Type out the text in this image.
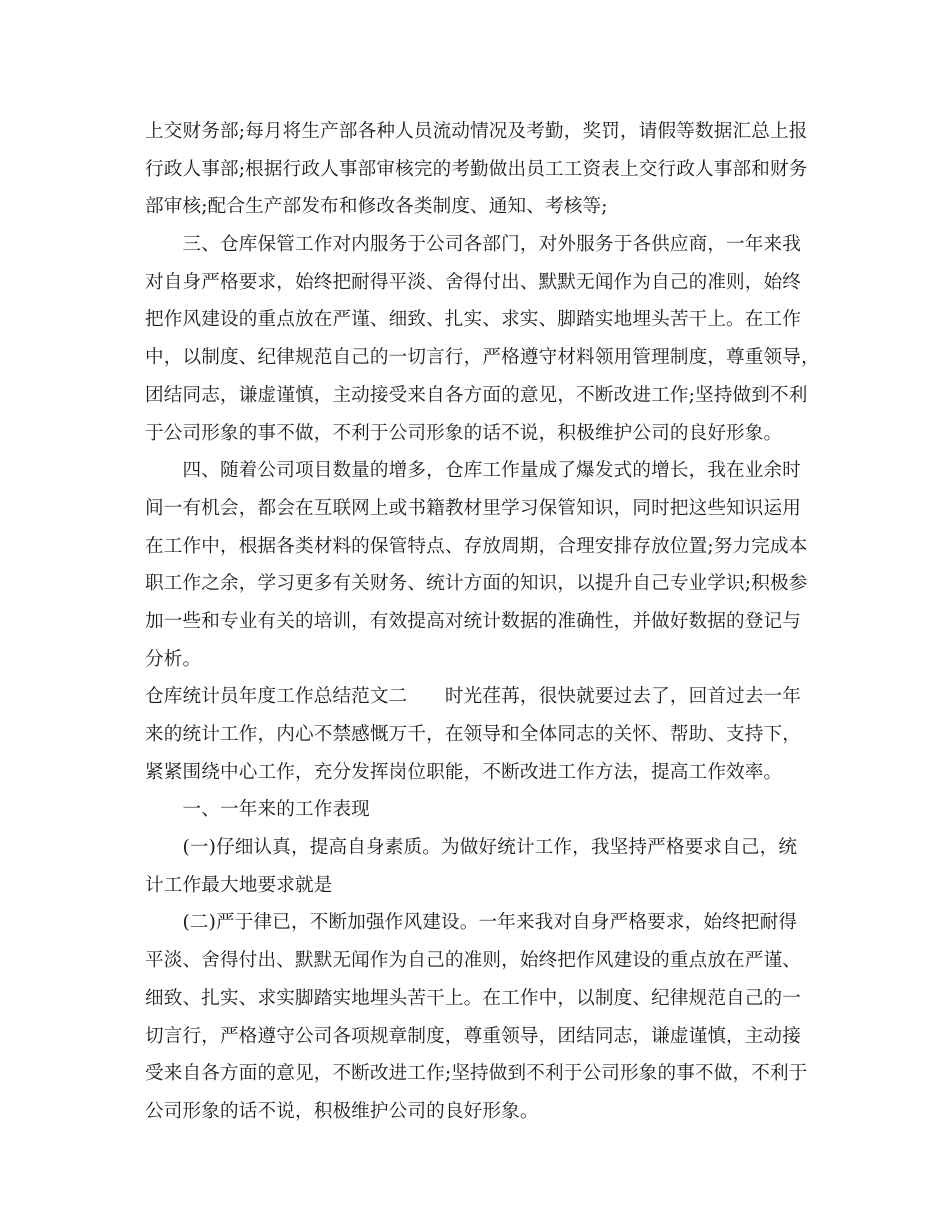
上交财务部;每月将生产部各种人员流动情况及考勤，奖罚，请假等数据汇总上报
行政人事部;根据行政人事部审核完的考勤做出员工工资表上交行政人事部和财务
部审核;配合生产部发布和修改各类制度、通知、考核等;
　　三、仓库保管工作对内服务于公司各部门，对外服务于各供应商，一年来我
对自身严格要求，始终把耐得平淡、舍得付出、默默无闻作为自己的准则，始终
把作风建设的重点放在严谨、细致、扎实、求实、脚踏实地埋头苦干上。在工作
中，以制度、纪律规范自己的一切言行，严格遵守材料领用管理制度，尊重领导，
团结同志，谦虚谨慎，主动接受来自各方面的意见，不断改进工作;坚持做到不利
于公司形象的事不做，不利于公司形象的话不说，积极维护公司的良好形象。
　　四、随着公司项目数量的增多，仓库工作量成了爆发式的增长，我在业余时
间一有机会，都会在互联网上或书籍教材里学习保管知识，同时把这些知识运用
在工作中，根据各类材料的保管特点、存放周期，合理安排存放位置;努力完成本
职工作之余，学习更多有关财务、统计方面的知识，以提升自己专业学识;积极参
加一些和专业有关的培训，有效提高对统计数据的准确性，并做好数据的登记与
分析。
仓库统计员年度工作总结范文二　　时光荏苒，很快就要过去了，回首过去一年
来的统计工作，内心不禁感慨万千，在领导和全体同志的关怀、帮助、支持下，
紧紧围绕中心工作，充分发挥岗位职能，不断改进工作方法，提高工作效率。
　　一、一年来的工作表现
　　(一)仔细认真，提高自身素质。为做好统计工作，我坚持严格要求自己，统
计工作最大地要求就是
　　(二)严于律已，不断加强作风建设。一年来我对自身严格要求，始终把耐得
平淡、舍得付出、默默无闻作为自己的准则，始终把作风建设的重点放在严谨、
细致、扎实、求实脚踏实地埋头苦干上。在工作中，以制度、纪律规范自己的一
切言行，严格遵守公司各项规章制度，尊重领导，团结同志，谦虚谨慎，主动接
受来自各方面的意见，不断改进工作;坚持做到不利于公司形象的事不做，不利于
公司形象的话不说，积极维护公司的良好形象。
